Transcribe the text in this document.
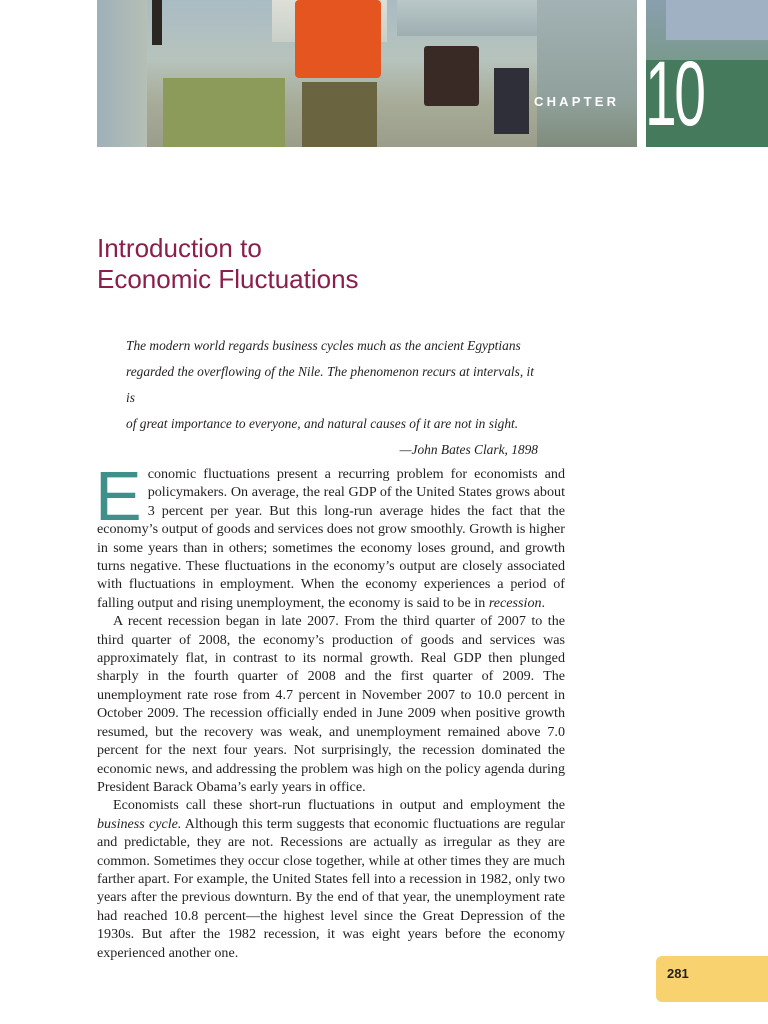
CHAPTER 10
Introduction to
Economic Fluctuations
The modern world regards business cycles much as the ancient Egyptians
regarded the overflowing of the Nile. The phenomenon recurs at intervals, it is
of great importance to everyone, and natural causes of it are not in sight.
—John Bates Clark, 1898

Economic fluctuations present a recurring problem for economists and policymakers. On average, the real GDP of the United States grows about 3 percent per year. But this long-run average hides the fact that the economy’s output of goods and services does not grow smoothly. Growth is higher in some years than in others; sometimes the economy loses ground, and growth turns negative. These fluctuations in the economy’s output are closely associated with fluctuations in employment. When the economy experiences a period of falling output and rising unemployment, the economy is said to be in recession.

A recent recession began in late 2007. From the third quarter of 2007 to the third quarter of 2008, the economy’s production of goods and services was approximately flat, in contrast to its normal growth. Real GDP then plunged sharply in the fourth quarter of 2008 and the first quarter of 2009. The unemployment rate rose from 4.7 percent in November 2007 to 10.0 percent in October 2009. The recession officially ended in June 2009 when positive growth resumed, but the recovery was weak, and unemployment remained above 7.0 percent for the next four years. Not surprisingly, the recession dominated the economic news, and addressing the problem was high on the policy agenda during President Barack Obama’s early years in office.

Economists call these short-run fluctuations in output and employment the business cycle. Although this term suggests that economic fluctuations are regular and predictable, they are not. Recessions are actually as irregular as they are common. Sometimes they occur close together, while at other times they are much farther apart. For example, the United States fell into a recession in 1982, only two years after the previous downturn. By the end of that year, the unemployment rate had reached 10.8 percent—the highest level since the Great Depression of the 1930s. But after the 1982 recession, it was eight years before the economy experienced another one.

281
